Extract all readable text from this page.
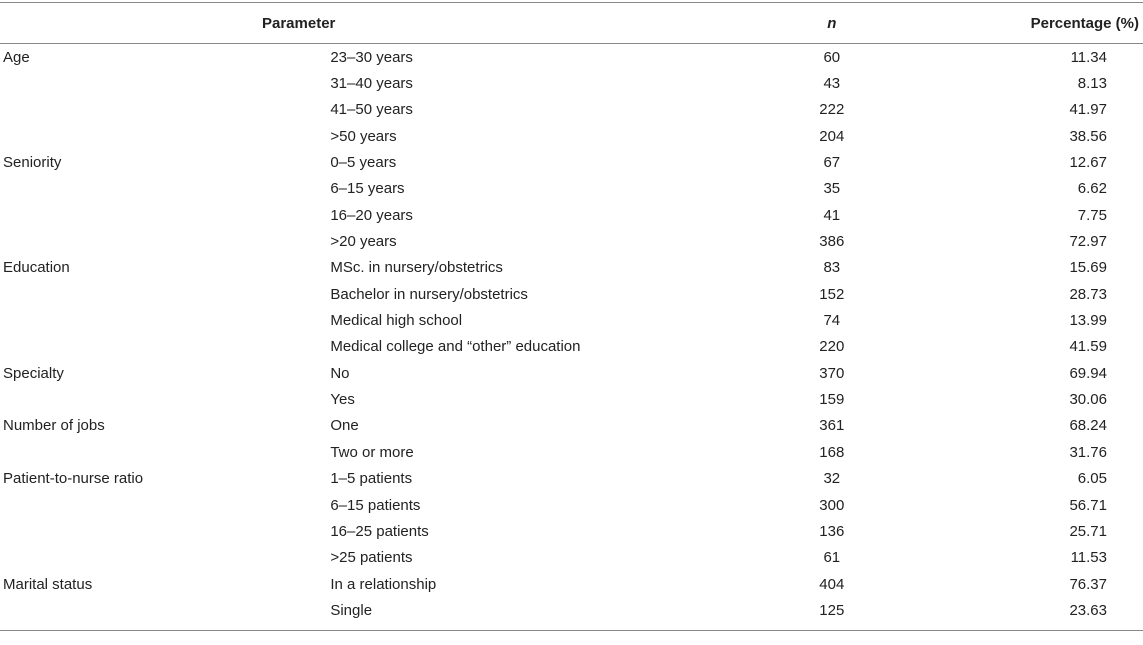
Parameter		n	Percentage (%)
Age	23–30 years	60	11.34
	31–40 years	43	8.13
	41–50 years	222	41.97
	>50 years	204	38.56
Seniority	0–5 years	67	12.67
	6–15 years	35	6.62
	16–20 years	41	7.75
	>20 years	386	72.97
Education	MSc. in nursery/obstetrics	83	15.69
	Bachelor in nursery/obstetrics	152	28.73
	Medical high school	74	13.99
	Medical college and “other” education	220	41.59
Specialty	No	370	69.94
	Yes	159	30.06
Number of jobs	One	361	68.24
	Two or more	168	31.76
Patient-to-nurse ratio	1–5 patients	32	6.05
	6–15 patients	300	56.71
	16–25 patients	136	25.71
	>25 patients	61	11.53
Marital status	In a relationship	404	76.37
	Single	125	23.63
